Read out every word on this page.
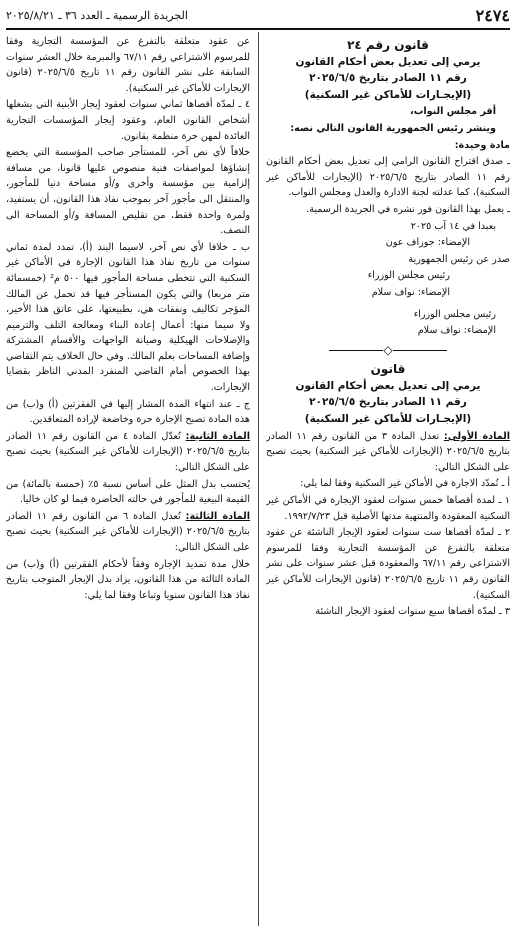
٢٤٧٤
الجريدة الرسمية ـ العدد ٣٦ ـ ٢٠٢٥/٨/٢١

قانون رقم ٢٤

يرمي إلى تعديل بعض أحكام القانون

رقم ١١ الصادر بتاريخ ٢٠٢٥/٦/٥

(الإيجـارات للأماكن غير السكنية)

أقر مجلس النواب،

وينشر رئيس الجمهورية القانون التالي نصه:

مادة وحيدة:

ـ صدق اقتراح القانون الرامي إلى تعديل بعض أحكام القانون رقم ١١ الصادر بتاريخ ٢٠٢٥/٦/٥ (الإيجارات للأماكن غير السكنية)، كما عدلته لجنة الادارة والعدل ومجلس النواب.

ـ يعمل بهذا القانون فور نشره في الجريدة الرسمية.

بعبدا في ١٤ آب ٢٠٢٥

الإمضاء: جوزاف عون

صدر عن رئيس الجمهورية

رئيس مجلس الوزراء

الإمضاء: نواف سلام

رئيس مجلس الوزراء

الإمضاء: نواف سلام

◇

قانون

يرمي إلى تعديل بعض أحكام القانون

رقم ١١ الصادر بتاريخ ٢٠٢٥/٦/٥

(الإيجـارات للأماكن غير السكنية)

المادة الأولى: تعدل المادة ٣ من القانون رقم ١١ الصادر بتاريخ ٢٠٢٥/٦/٥ (الإيجارات للأماكن غير السكنية) بحيث تصبح على الشكل التالي:

أ ـ تُمدّد الاجارة في الأماكن غير السكنية وفقا لما يلي:

١ ـ لمدة أقصاها خمس سنوات لعقود الإيجارة في الأماكن غير السكنية المعقودة والمنتهية مدتها الأصلية قبل ١٩٩٢/٧/٢٣.

٢ ـ لمدّة أقصاها ست سنوات لعقود الإيجار الناشئة عن عقود متعلقة بالتفرغ عن المؤسسة التجارية وفقا للمرسوم الاشتراعي رقم ٦٧/١١ والمعقودة قبل عشر سنوات على نشر القانون رقم ١١ تاريخ ٢٠٢٥/٦/٥ (قانون الإيجارات للأماكن غير السكنية).

٣ ـ لمدّة أقصاها سبع سنوات لعقود الإيجار الناشئة

عن عقود متعلقة بالتفرغ عن المؤسسة التجارية وفقا للمرسوم الاشتراعي رقم ٦٧/١١ والمبرمة خلال العشر سنوات السابقة على نشر القانون رقم ١١ تاريخ ٢٠٢٥/٦/٥ (قانون الإيجارات للأماكن غير السكنية).

٤ ـ لمدّة أقصاها ثماني سنوات لعقود إيجار الأبنية التي يشغلها أشخاص القانون العام، وعقود إيجار المؤسسات التجارية العائدة لمهن حرة منظمة بقانون.

خلافاً لأي نص آخر، للمستأجر صاحب المؤسسة التي يخضع إنشاؤها لمواصفات فنية منصوص عليها قانونا، من مسافة إلزامية بين مؤسسة وأخرى و/أو مساحة دنيا للمأجور، والمنتقل الى مأجور آخر بموجب نفاذ هذا القانون، أن يستفيد، ولمرة واحدة فقط، من تقليص المسافة و/أو المساحة الى النصف.

ب ـ خلافا لأي نص آخر، لاسيما البند (أ)، تمدد لمدة ثماني سنوات من تاريخ نفاذ هذا القانون الإجارة في الأماكن غير السكنية التي تتخطى مساحة المأجور فيها ٥٠٠ م² (خمسمائة متر مربعا) والتي يكون المستأجر فيها قد تحمل عن المالك المؤجر تكاليف ونفقات هي، بطبيعتها، على عاتق هذا الأخير، ولا سيما منها: أعمال إعادة البناء ومعالجة التلف والترميم والإصلاحات الهيكلية وصيانة الواجهات والأقسام المشتركة وإضافة المساحات بعلم المالك. وفي حال الخلاف يتم التقاضي بهذا الخصوص أمام القاضي المنفرد المدني الناظر بقضايا الإيجارات.

ج ـ عند انتهاء المدة المشار إليها في الفقرتين (أ) و(ب) من هذه المادة تصبح الإجارة حرة وخاضعة لإرادة المتعاقدين.

المادة الثانية: تُعدّل المادة ٤ من القانون رقم ١١ الصادر بتاريخ ٢٠٢٥/٦/٥ (الإيجارات للأماكن غير السكنية) بحيث تصبح على الشكل التالي:

يُحتسب بدل المثل على أساس نسبة ٥٪ (خمسة بالمائة) من القيمة البيعية للمأجور في حالته الحاضرة فيما لو كان خاليا.

المادة الثالثة: تُعدل المادة ٦ من القانون رقم ١١ الصادر بتاريخ ٢٠٢٥/٦/٥ (الإيجارات للأماكن غير السكنية) بحيث تصبح على الشكل التالي:

خلال مدة تمديد الإجارة وفقاً لأحكام الفقرتين (أ) و(ب) من المادة الثالثة من هذا القانون، يزاد بدل الإيجار المتوجب بتاريخ نفاذ هذا القانون سنويا وتباعا وفقا لما يلي:
